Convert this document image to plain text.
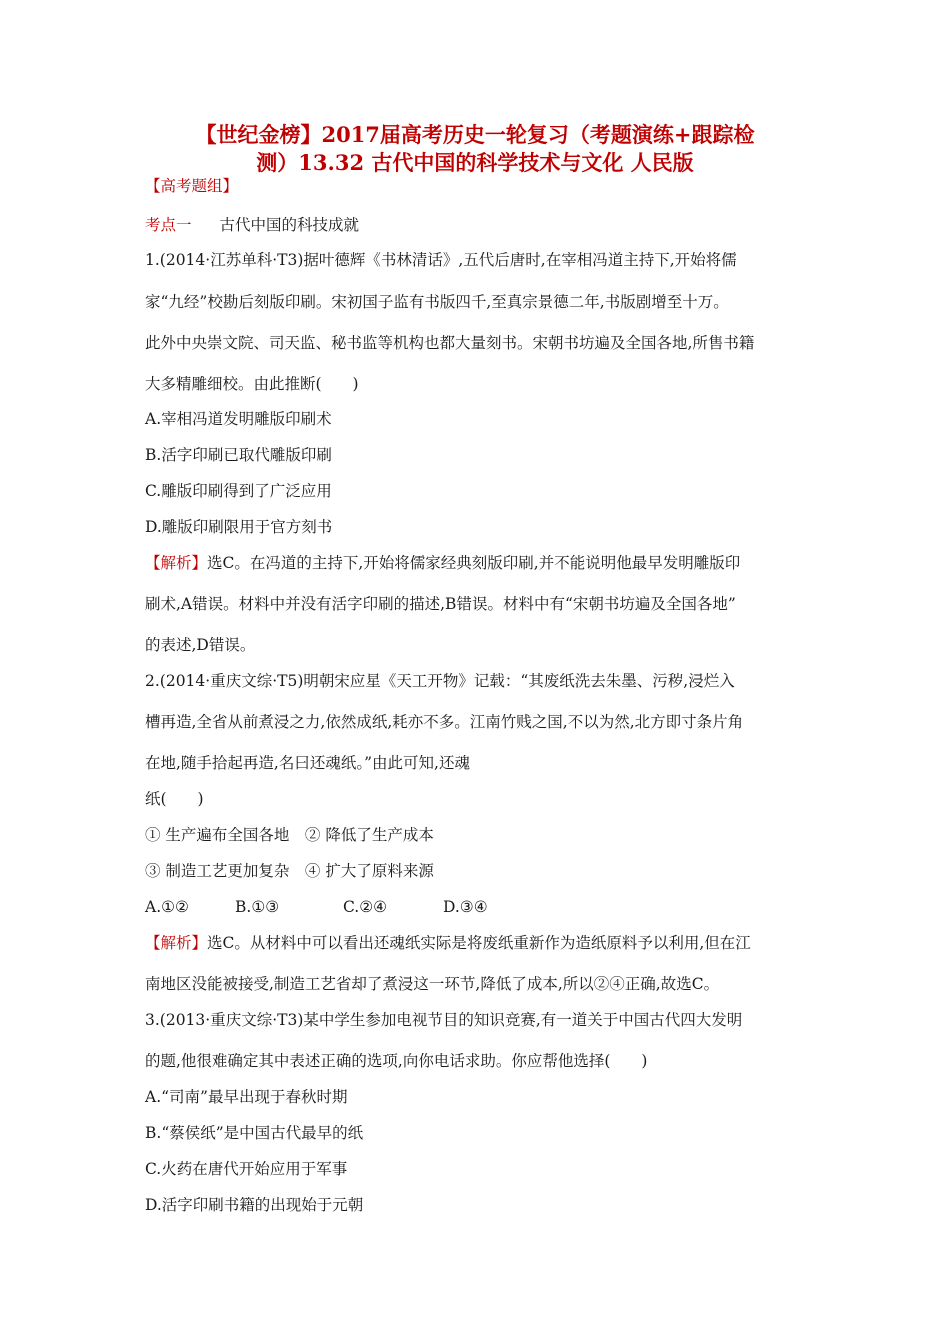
【世纪金榜】2017届高考历史一轮复习（考题演练+跟踪检
测）13.32 古代中国的科学技术与文化 人民版
【高考题组】
考点一 古代中国的科技成就
1.(2014·江苏单科·T3)据叶德辉《书林清话》,五代后唐时,在宰相冯道主持下,开始将儒
家“九经”校勘后刻版印刷。宋初国子监有书版四千,至真宗景德二年,书版剧增至十万。
此外中央崇文院、司天监、秘书监等机构也都大量刻书。宋朝书坊遍及全国各地,所售书籍
大多精雕细校。由此推断(　　)
A.宰相冯道发明雕版印刷术
B.活字印刷已取代雕版印刷
C.雕版印刷得到了广泛应用
D.雕版印刷限用于官方刻书
【解析】选C。在冯道的主持下,开始将儒家经典刻版印刷,并不能说明他最早发明雕版印
刷术,A错误。材料中并没有活字印刷的描述,B错误。材料中有“宋朝书坊遍及全国各地”
的表述,D错误。
2.(2014·重庆文综·T5)明朝宋应星《天工开物》记载：“其废纸洗去朱墨、污秽,浸烂入
槽再造,全省从前煮浸之力,依然成纸,耗亦不多。江南竹贱之国,不以为然,北方即寸条片角
在地,随手拾起再造,名曰还魂纸。”由此可知,还魂
纸(　　)
① 生产遍布全国各地　② 降低了生产成本
③ 制造工艺更加复杂　④ 扩大了原料来源
A.①②	B.①③	C.②④	D.③④
【解析】选C。从材料中可以看出还魂纸实际是将废纸重新作为造纸原料予以利用,但在江
南地区没能被接受,制造工艺省却了煮浸这一环节,降低了成本,所以②④正确,故选C。
3.(2013·重庆文综·T3)某中学生参加电视节目的知识竞赛,有一道关于中国古代四大发明
的题,他很难确定其中表述正确的选项,向你电话求助。你应帮他选择(　　)
A.“司南”最早出现于春秋时期
B.“蔡侯纸”是中国古代最早的纸
C.火药在唐代开始应用于军事
D.活字印刷书籍的出现始于元朝
